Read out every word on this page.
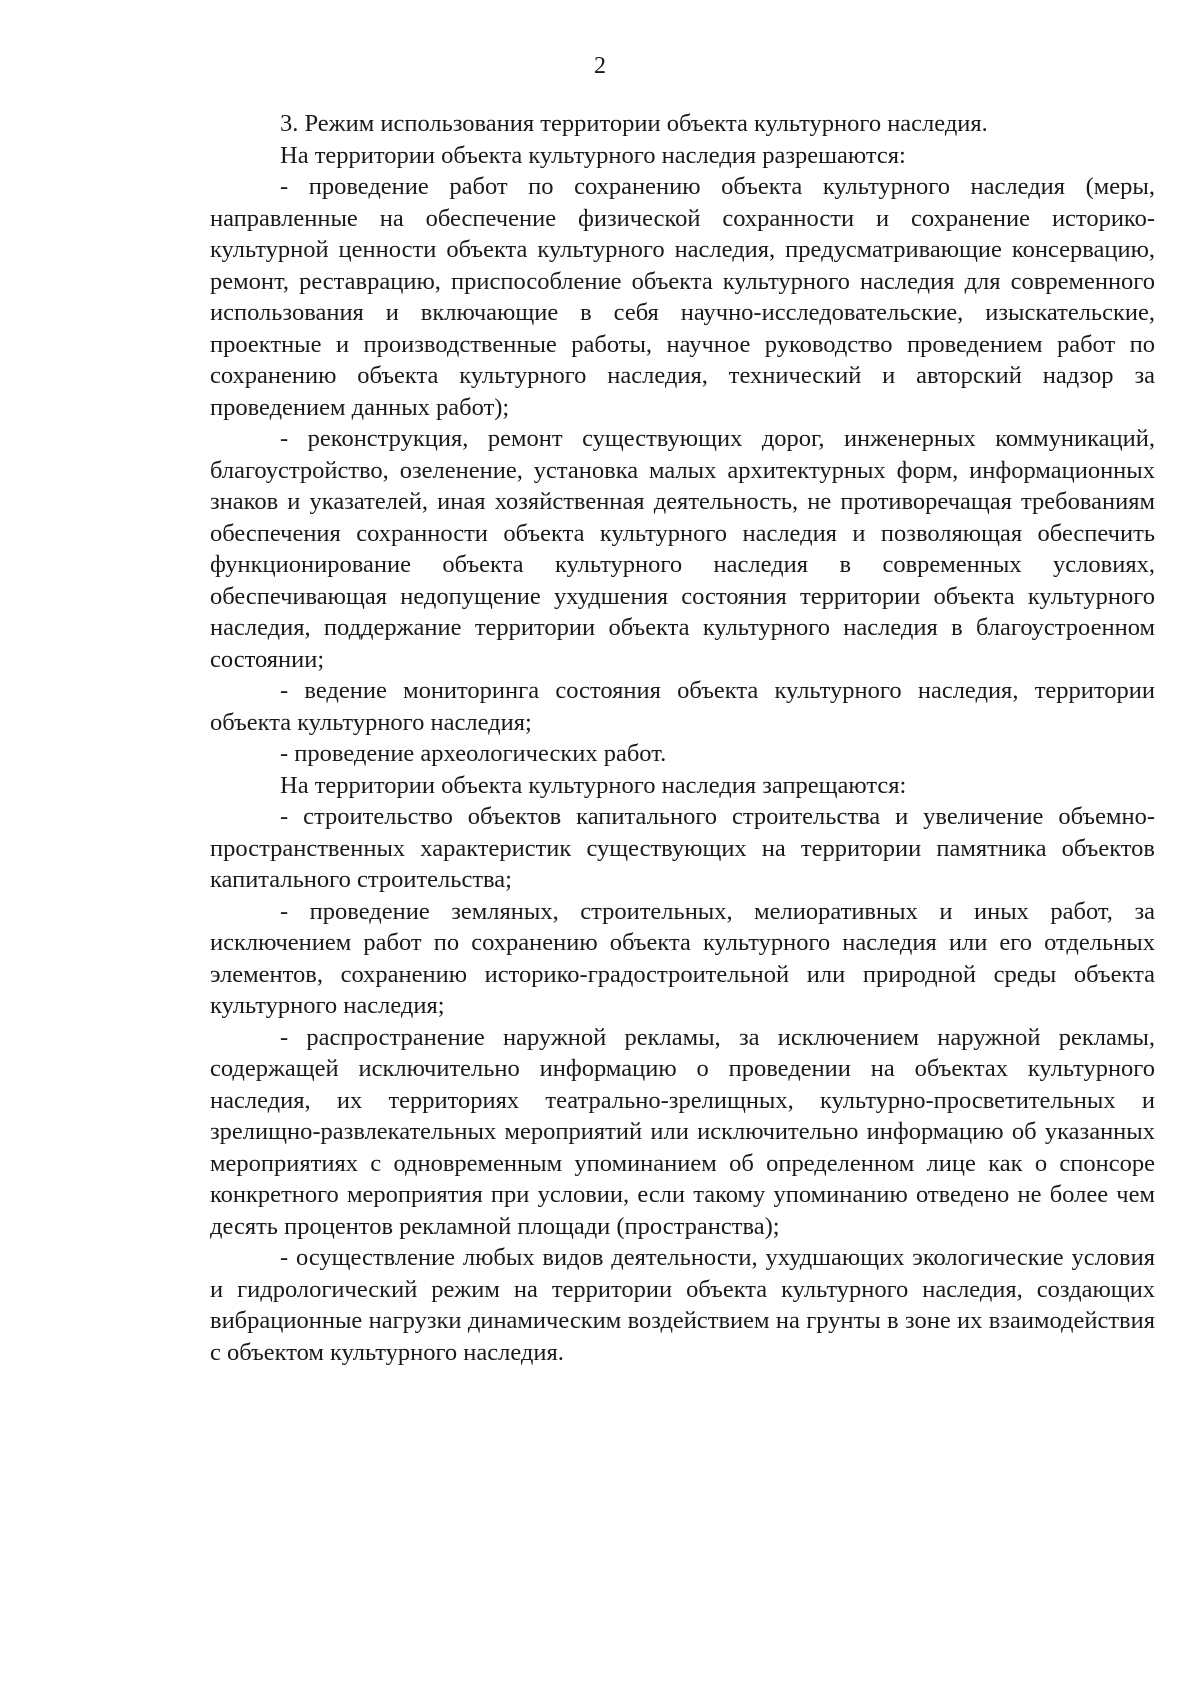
2

3. Режим использования территории объекта культурного наследия.

На территории объекта культурного наследия разрешаются:

- проведение работ по сохранению объекта культурного наследия (меры, направленные на обеспечение физической сохранности и сохранение историко-культурной ценности объекта культурного наследия, предусматривающие консервацию, ремонт, реставрацию, приспособление объекта культурного наследия для современного использования и включающие в себя научно-исследовательские, изыскательские, проектные и производственные работы, научное руководство проведением работ по сохранению объекта культурного наследия, технический и авторский надзор за проведением данных работ);

- реконструкция, ремонт существующих дорог, инженерных коммуникаций, благоустройство, озеленение, установка малых архитектурных форм, информационных знаков и указателей, иная хозяйственная деятельность, не противоречащая требованиям обеспечения сохранности объекта культурного наследия и позволяющая обеспечить функционирование объекта культурного наследия в современных условиях, обеспечивающая недопущение ухудшения состояния территории объекта культурного наследия, поддержание территории объекта культурного наследия в благоустроенном состоянии;

- ведение мониторинга состояния объекта культурного наследия, территории объекта культурного наследия;

- проведение археологических работ.

На территории объекта культурного наследия запрещаются:

- строительство объектов капитального строительства и увеличение объемно-пространственных характеристик существующих на территории памятника объектов капитального строительства;

- проведение земляных, строительных, мелиоративных и иных работ, за исключением работ по сохранению объекта культурного наследия или его отдельных элементов, сохранению историко-градостроительной или природной среды объекта культурного наследия;

- распространение наружной рекламы, за исключением наружной рекламы, содержащей исключительно информацию о проведении на объектах культурного наследия, их территориях театрально-зрелищных, культурно-просветительных и зрелищно-развлекательных мероприятий или исключительно информацию об указанных мероприятиях с одновременным упоминанием об определенном лице как о спонсоре конкретного мероприятия при условии, если такому упоминанию отведено не более чем десять процентов рекламной площади (пространства);

- осуществление любых видов деятельности, ухудшающих экологические условия и гидрологический режим на территории объекта культурного наследия, создающих вибрационные нагрузки динамическим воздействием на грунты в зоне их взаимодействия с объектом культурного наследия.
